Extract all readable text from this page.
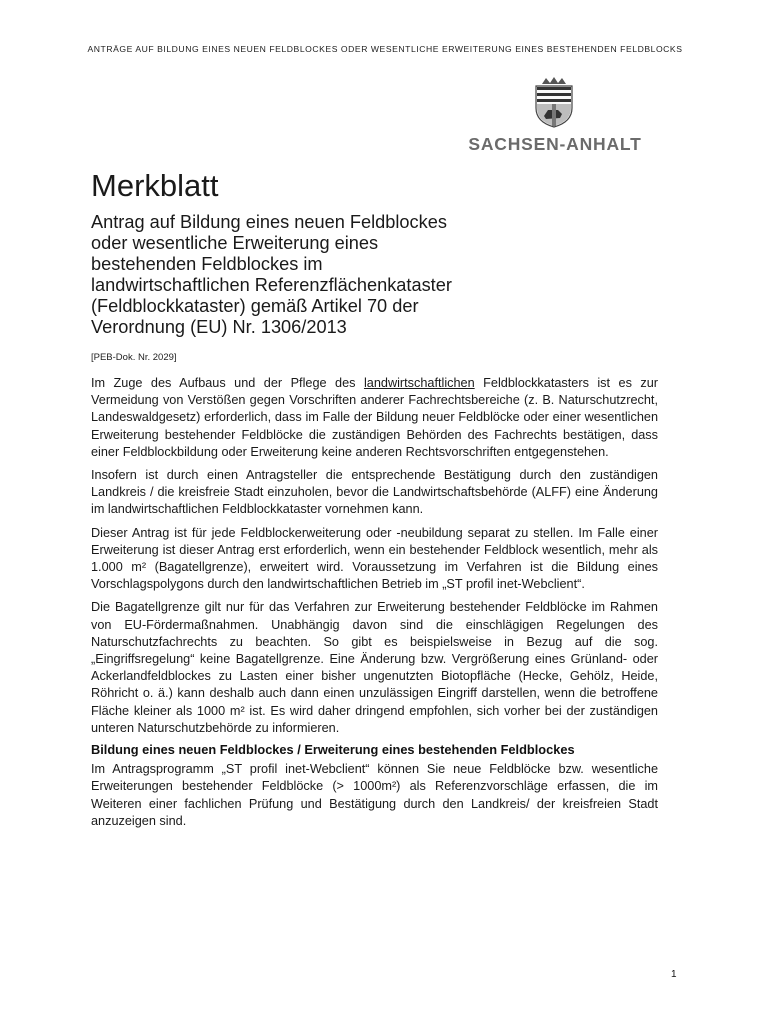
ANTRÄGE AUF BILDUNG EINES NEUEN FELDBLOCKES ODER WESENTLICHE ERWEITERUNG EINES BESTEHENDEN FELDBLOCKS
SACHSEN-ANHALT
Merkblatt
Antrag auf Bildung eines neuen Feldblockes
oder wesentliche Erweiterung eines
bestehenden Feldblockes im
landwirtschaftlichen Referenzflächenkataster
(Feldblockkataster) gemäß Artikel 70 der
Verordnung (EU) Nr. 1306/2013
[PEB-Dok. Nr. 2029]

Im Zuge des Aufbaus und der Pflege des landwirtschaftlichen Feldblockkatasters ist es zur Vermeidung von Verstößen gegen Vorschriften anderer Fachrechtsbereiche (z. B. Naturschutzrecht, Landeswaldgesetz) erforderlich, dass im Falle der Bildung neuer Feldblöcke oder einer wesentlichen Erweiterung bestehender Feldblöcke die zuständigen Behörden des Fachrechts bestätigen, dass einer Feldblockbildung oder Erweiterung keine anderen Rechtsvorschriften entgegenstehen.

Insofern ist durch einen Antragsteller die entsprechende Bestätigung durch den zuständigen Landkreis / die kreisfreie Stadt einzuholen, bevor die Landwirtschaftsbehörde (ALFF) eine Änderung im landwirtschaftlichen Feldblockkataster vornehmen kann.

Dieser Antrag ist für jede Feldblockerweiterung oder -neubildung separat zu stellen. Im Falle einer Erweiterung ist dieser Antrag erst erforderlich, wenn ein bestehender Feldblock wesentlich, mehr als 1.000 m² (Bagatellgrenze), erweitert wird. Voraussetzung im Verfahren ist die Bildung eines Vorschlagspolygons durch den landwirtschaftlichen Betrieb im „ST profil inet-Webclient“.

Die Bagatellgrenze gilt nur für das Verfahren zur Erweiterung bestehender Feldblöcke im Rahmen von EU-Fördermaßnahmen. Unabhängig davon sind die einschlägigen Regelungen des Naturschutzfachrechts zu beachten. So gibt es beispielsweise in Bezug auf die sog. „Eingriffsregelung“ keine Bagatellgrenze. Eine Änderung bzw. Vergrößerung eines Grünland- oder Ackerlandfeldblockes zu Lasten einer bisher ungenutzten Biotopfläche (Hecke, Gehölz, Heide, Röhricht o. ä.) kann deshalb auch dann einen unzulässigen Eingriff darstellen, wenn die betroffene Fläche kleiner als 1000 m² ist. Es wird daher dringend empfohlen, sich vorher bei der zuständigen unteren Naturschutzbehörde zu informieren.

Bildung eines neuen Feldblockes / Erweiterung eines bestehenden Feldblockes

Im Antragsprogramm „ST profil inet-Webclient“ können Sie neue Feldblöcke bzw. wesentliche Erweiterungen bestehender Feldblöcke (> 1000m²) als Referenzvorschläge erfassen, die im Weiteren einer fachlichen Prüfung und Bestätigung durch den Landkreis/ der kreisfreien Stadt anzuzeigen sind.

1
